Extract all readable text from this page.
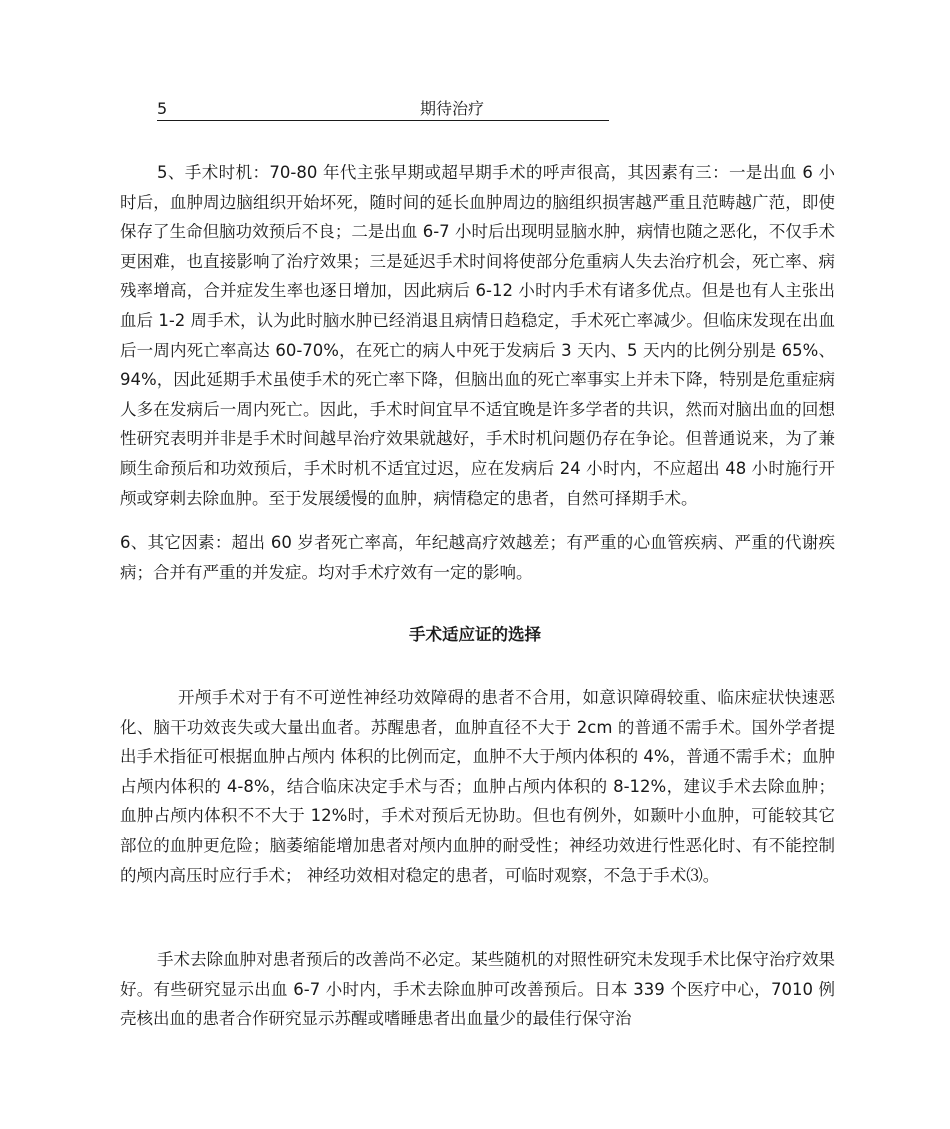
5	期待治疗

5、手术时机：70-80 年代主张早期或超早期手术的呼声很高，其因素有三：一是出血 6 小时后，血肿周边脑组织开始坏死，随时间的延长血肿周边的脑组织损害越严重且范畴越广范，即使保存了生命但脑功效预后不良；二是出血 6-7 小时后出现明显脑水肿，病情也随之恶化，不仅手术更困难，也直接影响了治疗效果；三是延迟手术时间将使部分危重病人失去治疗机会，死亡率、病残率增高，合并症发生率也逐日增加，因此病后 6-12 小时内手术有诸多优点。但是也有人主张出血后 1-2 周手术，认为此时脑水肿已经消退且病情日趋稳定，手术死亡率减少。但临床发现在出血后一周内死亡率高达 60-70%，在死亡的病人中死于发病后 3 天内、5 天内的比例分别是 65%、94%，因此延期手术虽使手术的死亡率下降，但脑出血的死亡率事实上并未下降，特别是危重症病人多在发病后一周内死亡。因此，手术时间宜早不适宜晚是许多学者的共识，然而对脑出血的回想性研究表明并非是手术时间越早治疗效果就越好，手术时机问题仍存在争论。但普通说来，为了兼顾生命预后和功效预后，手术时机不适宜过迟，应在发病后 24 小时内，不应超出 48 小时施行开颅或穿刺去除血肿。至于发展缓慢的血肿，病情稳定的患者，自然可择期手术。

6、其它因素：超出 60 岁者死亡率高，年纪越高疗效越差；有严重的心血管疾病、严重的代谢疾病；合并有严重的并发症。均对手术疗效有一定的影响。

手术适应证的选择

开颅手术对于有不可逆性神经功效障碍的患者不合用，如意识障碍较重、临床症状快速恶化、脑干功效丧失或大量出血者。苏醒患者，血肿直径不大于 2cm 的普通不需手术。国外学者提出手术指征可根据血肿占颅内 体积的比例而定，血肿不大于颅内体积的 4%，普通不需手术；血肿占颅内体积的 4-8%，结合临床决定手术与否；血肿占颅内体积的 8-12%，建议手术去除血肿；血肿占颅内体积不不大于 12%时，手术对预后无协助。但也有例外，如颞叶小血肿，可能较其它部位的血肿更危险；脑萎缩能增加患者对颅内血肿的耐受性；神经功效进行性恶化时、有不能控制的颅内高压时应行手术； 神经功效相对稳定的患者，可临时观察，不急于手术⑶。

手术去除血肿对患者预后的改善尚不必定。某些随机的对照性研究未发现手术比保守治疗效果好。有些研究显示出血 6-7 小时内，手术去除血肿可改善预后。日本 339 个医疗中心，7010 例壳核出血的患者合作研究显示苏醒或嗜睡患者出血量少的最佳行保守治
